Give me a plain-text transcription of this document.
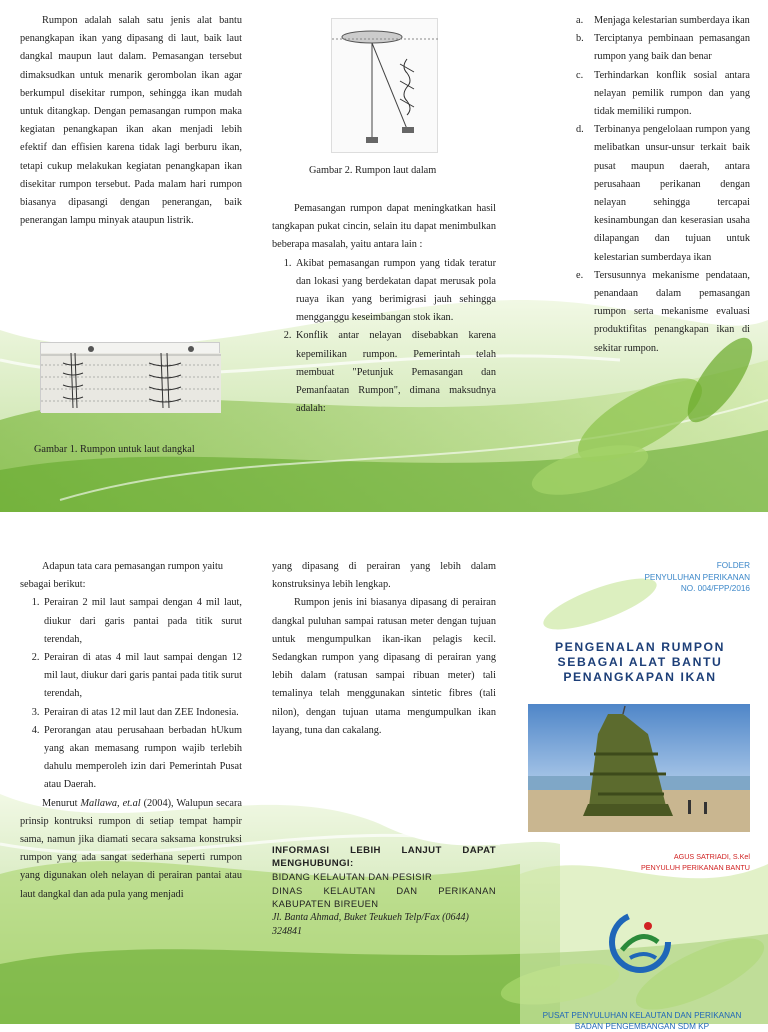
Rumpon adalah salah satu jenis alat bantu penangkapan ikan yang dipasang di laut, baik laut dangkal maupun laut dalam. Pemasangan tersebut dimaksudkan untuk menarik gerombolan ikan agar berkumpul disekitar rumpon, sehingga ikan mudah untuk ditangkap. Dengan pemasangan rumpon maka kegiatan penangkapan ikan akan menjadi lebih efektif dan effisien karena tidak lagi berburu ikan, tetapi cukup melakukan kegiatan penangkapan ikan disekitar rumpon tersebut. Pada malam hari rumpon biasanya dipasangi dengan penerangan, baik penerangan lampu minyak ataupun listrik.

Gambar 1. Rumpon untuk laut dangkal
Gambar 2. Rumpon laut dalam

Pemasangan rumpon dapat meningkatkan hasil tangkapan pukat cincin, selain itu dapat menimbulkan beberapa masalah, yaitu antara lain :

1. Akibat pemasangan rumpon yang tidak teratur dan lokasi yang berdekatan dapat merusak pola ruaya ikan yang berimigrasi jauh sehingga mengganggu keseimbangan stok ikan.
2. Konflik antar nelayan disebabkan karena kepemilikan rumpon. Pemerintah telah membuat "Petunjuk Pemasangan dan Pemanfaatan Rumpon", dimana maksudnya adalah:
a.	Menjaga kelestarian sumberdaya ikan
b. Terciptanya pembinaan pemasangan rumpon yang baik dan benar
c.	Terhindarkan konflik sosial antara nelayan pemilik rumpon dan yang tidak memiliki rumpon.
d. Terbinanya pengelolaan rumpon yang melibatkan unsur-unsur terkait baik pusat maupun daerah, antara perusahaan perikanan dengan nelayan sehingga tercapai kesinambungan dan keserasian usaha dilapangan dan tujuan untuk kelestarian sumberdaya ikan
e.	Tersusunnya mekanisme pendataan, penandaan dalam pemasangan rumpon serta mekanisme evaluasi produktifitas penangkapan ikan di sekitar rumpon.

Adapun tata cara pemasangan rumpon yaitu

sebagai berikut:
1. Perairan 2 mil laut sampai dengan 4 mil laut, diukur dari garis pantai pada titik surut terendah,
2. Perairan di atas 4 mil laut sampai dengan 12 mil laut, diukur dari garis pantai pada titik surut terendah,
3. Perairan di atas 12 mil laut dan ZEE Indonesia.
4. Perorangan atau perusahaan berbadan hUkum yang akan memasang rumpon wajib terlebih dahulu memperoleh izin dari Pemerintah Pusat atau Daerah.

Menurut Mallawa, et.al (2004), Walupun secara prinsip kontruksi rumpon di setiap tempat hampir sama, namun jika diamati secara saksama konstruksi rumpon yang ada sangat sederhana seperti rumpon yang digunakan oleh nelayan di perairan pantai atau laut dangkal dan ada pula yang menjadi

yang dipasang di perairan yang lebih dalam konstruksinya lebih lengkap.

Rumpon jenis ini biasanya dipasang di perairan dangkal puluhan sampai ratusan meter dengan tujuan untuk mengumpulkan ikan-ikan pelagis kecil. Sedangkan rumpon yang dipasang di perairan yang lebih dalam (ratusan sampai ribuan meter) tali temalinya telah menggunakan sintetic fibres (tali nilon), dengan tujuan utama mengumpulkan ikan layang, tuna dan cakalang.

INFORMASI LEBIH LANJUT DAPAT MENGHUBUNGI:
BIDANG KELAUTAN DAN PESISIR
DINAS KELAUTAN DAN PERIKANAN KABUPATEN BIREUEN
Jl. Banta Ahmad, Buket Teukueh Telp/Fax (0644) 324841
FOLDER
PENYULUHAN PERIKANAN
NO. 004/FPP/2016
PENGENALAN RUMPON
SEBAGAI ALAT BANTU
PENANGKAPAN IKAN
AGUS SATRIADI, S.Kel
PENYULUH PERIKANAN BANTU
PUSAT PENYULUHAN KELAUTAN DAN PERIKANAN
BADAN PENGEMBANGAN SDM KP
